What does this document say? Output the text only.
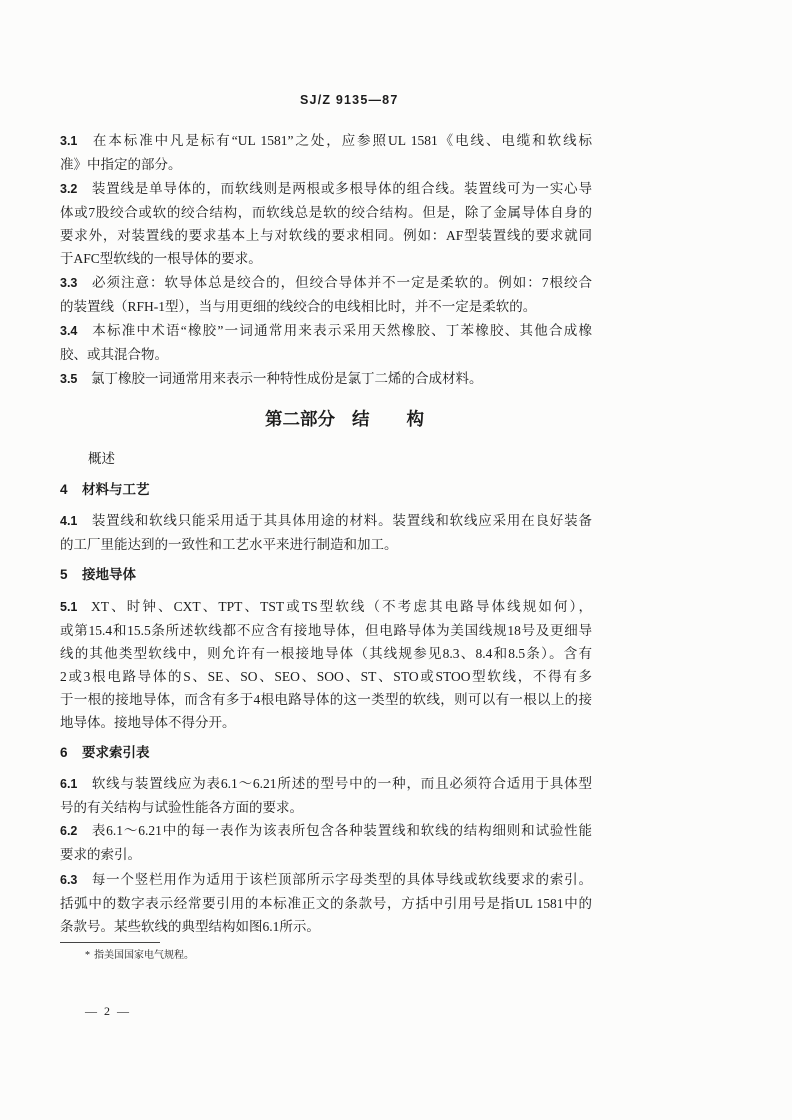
SJ/Z 9135—87
3.1 在本标准中凡是标有“UL 1581”之处，应参照UL 1581《电线、电缆和软线标
准》中指定的部分。
3.2 装置线是单导体的，而软线则是两根或多根导体的组合线。装置线可为一实心导
体或7股绞合或软的绞合结构，而软线总是软的绞合结构。但是，除了金属导体自身的
要求外，对装置线的要求基本上与对软线的要求相同。例如：AF型装置线的要求就同
于AFC型软线的一根导体的要求。
3.3 必须注意：软导体总是绞合的，但绞合导体并不一定是柔软的。例如：7根绞合
的装置线（RFH-1型），当与用更细的线绞合的电线相比时，并不一定是柔软的。
3.4 本标准中术语“橡胶”一词通常用来表示采用天然橡胶、丁苯橡胶、其他合成橡
胶、或其混合物。
3.5 氯丁橡胶一词通常用来表示一种特性成份是氯丁二烯的合成材料。
第二部分 结 构
概述
4 材料与工艺
4.1 装置线和软线只能采用适于其具体用途的材料。装置线和软线应采用在良好装备
的工厂里能达到的一致性和工艺水平来进行制造和加工。
5 接地导体
5.1 XT、时钟、CXT、TPT、TST或TS型软线（不考虑其电路导体线规如何），
或第15.4和15.5条所述软线都不应含有接地导体，但电路导体为美国线规18号及更细导
线的其他类型软线中，则允许有一根接地导体（其线规参见8.3、8.4和8.5条）。含有
2或3根电路导体的S、SE、SO、SEO、SOO、ST、STO或STOO型软线，不得有多
于一根的接地导体，而含有多于4根电路导体的这一类型的软线，则可以有一根以上的接
地导体。接地导体不得分开。
6 要求索引表
6.1 软线与装置线应为表6.1～6.21所述的型号中的一种，而且必须符合适用于具体型
号的有关结构与试验性能各方面的要求。
6.2 表6.1～6.21中的每一表作为该表所包含各种装置线和软线的结构细则和试验性能
要求的索引。
6.3 每一个竖栏用作为适用于该栏顶部所示字母类型的具体导线或软线要求的索引。
括弧中的数字表示经常要引用的本标准正文的条款号，方括中引用号是指UL 1581中的
条款号。某些软线的典型结构如图6.1所示。
* 指美国国家电气规程。
— 2 —
